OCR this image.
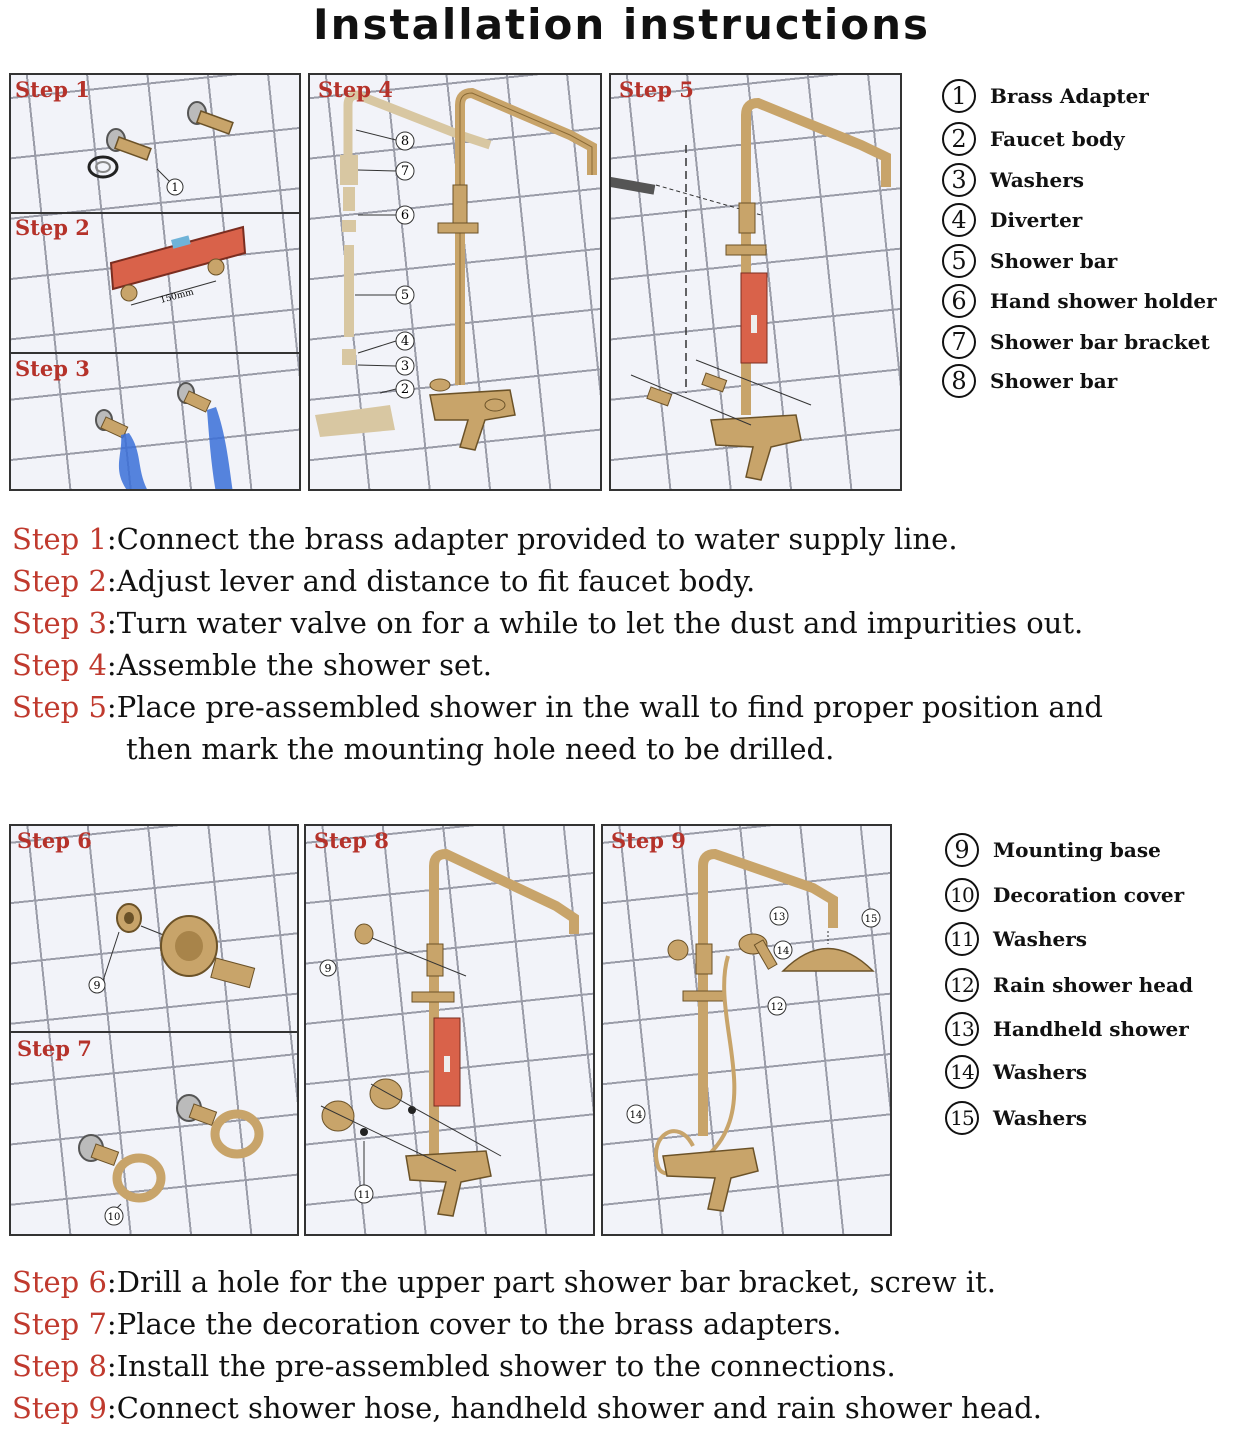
Installation instructions
1
150mm
Step 1
Step 2
Step 3
8
7
6
5
4
3
2
Step 4	Step 5	1	Brass Adapter
2	Faucet body
3	Washers
4	Diverter
5	Shower bar
6	Hand shower holder
7	Shower bar bracket
8	Shower bar
Step 1:Connect the brass adapter provided to water supply line.
Step 2:Adjust lever and distance to fit faucet body.
Step 3:Turn water valve on for a while to let the dust and impurities out.
Step 4:Assemble the shower set.
Step 5:Place pre-assembled shower in the wall to find proper position and
then mark the mounting hole need to be drilled.
9
10
Step 6
Step 7
9
11
Step 8
13
14
15
12
14
Step 9	9	Mounting base
10 Decoration cover
11 Washers
12 Rain shower head
13 Handheld shower
14 Washers
15 Washers
Step 6:Drill a hole for the upper part shower bar bracket, screw it.
Step 7:Place the decoration cover to the brass adapters.
Step 8:Install the pre-assembled shower to the connections.
Step 9:Connect shower hose, handheld shower and rain shower head.
